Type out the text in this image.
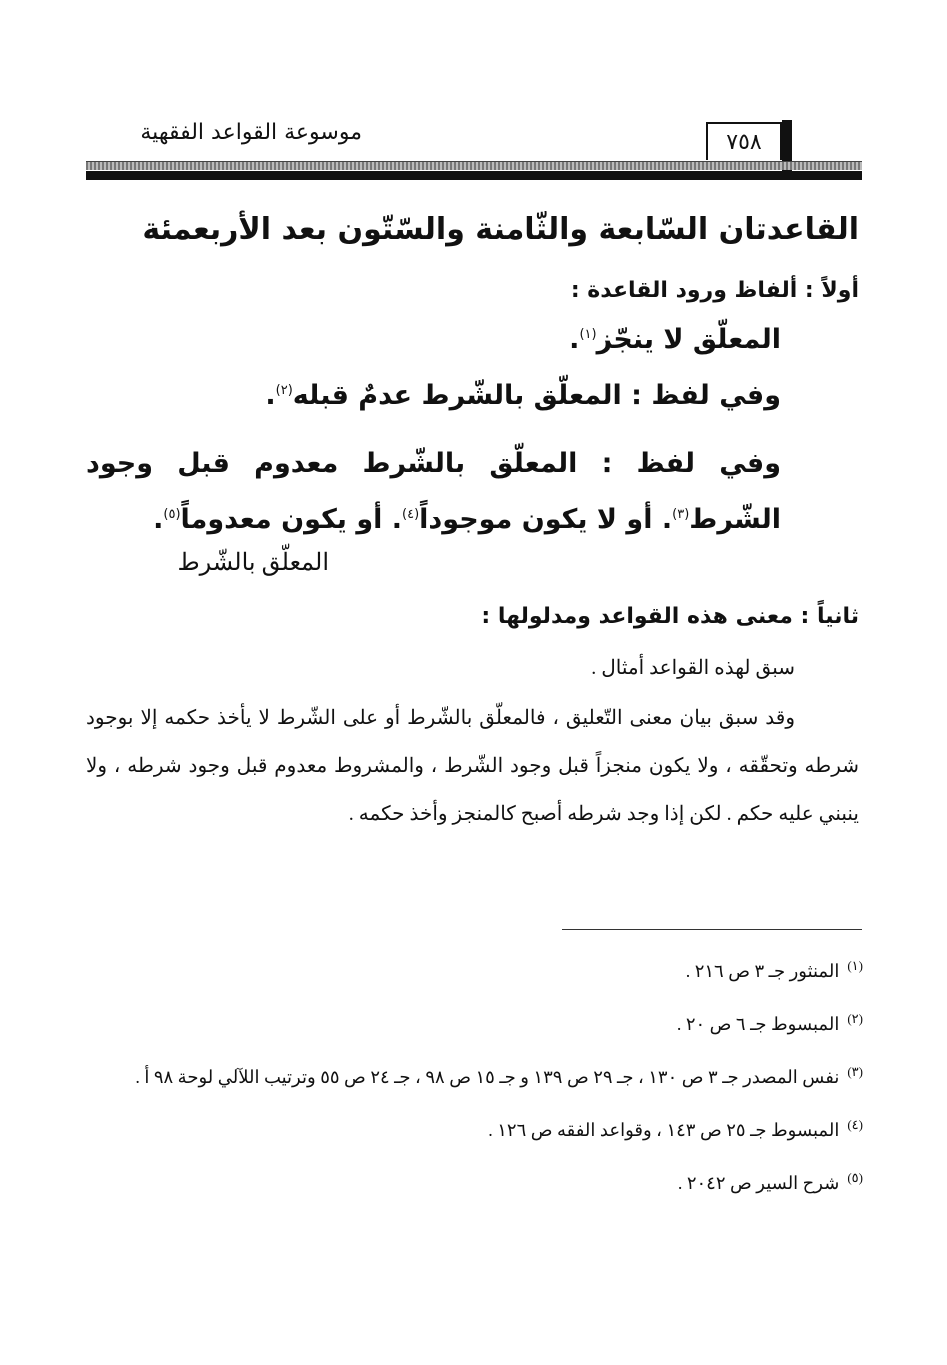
موسوعة القواعد الفقهية	٧٥٨
القاعدتان السّابعة والثّامنة والسّتّون بعد الأربعمئة
أولاً : ألفاظ ورود القاعدة :
المعلّق لا ينجّز$^{(١)}$.
وفي لفظ : المعلّق بالشّرط عدمٌ قبله$^{(٢)}$.
وفي لفظ : المعلّق بالشّرط معدوم قبل وجود الشّرط$^{(٣)}$. أو لا يكون موجوداً$^{(٤)}$. أو يكون معدوماً$^{(٥)}$.
المعلّق بالشّرط
ثانياً : معنى هذه القواعد ومدلولها :
سبق لهذه القواعد أمثال .
وقد سبق بيان معنى التّعليق ، فالمعلّق بالشّرط أو على الشّرط لا يأخذ حكمه إلا بوجود شرطه وتحقّقه ، ولا يكون منجزاً قبل وجود الشّرط ، والمشروط معدوم قبل وجود شرطه ، ولا ينبني عليه حكم . لكن إذا وجد شرطه أصبح كالمنجز وأخذ حكمه .
$^{(١)}$المنثور جـ ٣ ص ٢١٦ .
$^{(٢)}$المبسوط جـ ٦ ص ٢٠ .
$^{(٣)}$نفس المصدر جـ ٣ ص ١٣٠ ، جـ ٢٩ ص ١٣٩ و جـ ١٥ ص ٩٨ ، جـ ٢٤ ص ٥٥ وترتيب اللآلي لوحة ٩٨ أ .
$^{(٤)}$المبسوط جـ ٢٥ ص ١٤٣ ، وقواعد الفقه ص ١٢٦ .
$^{(٥)}$شرح السير ص ٢٠٤٢ .
